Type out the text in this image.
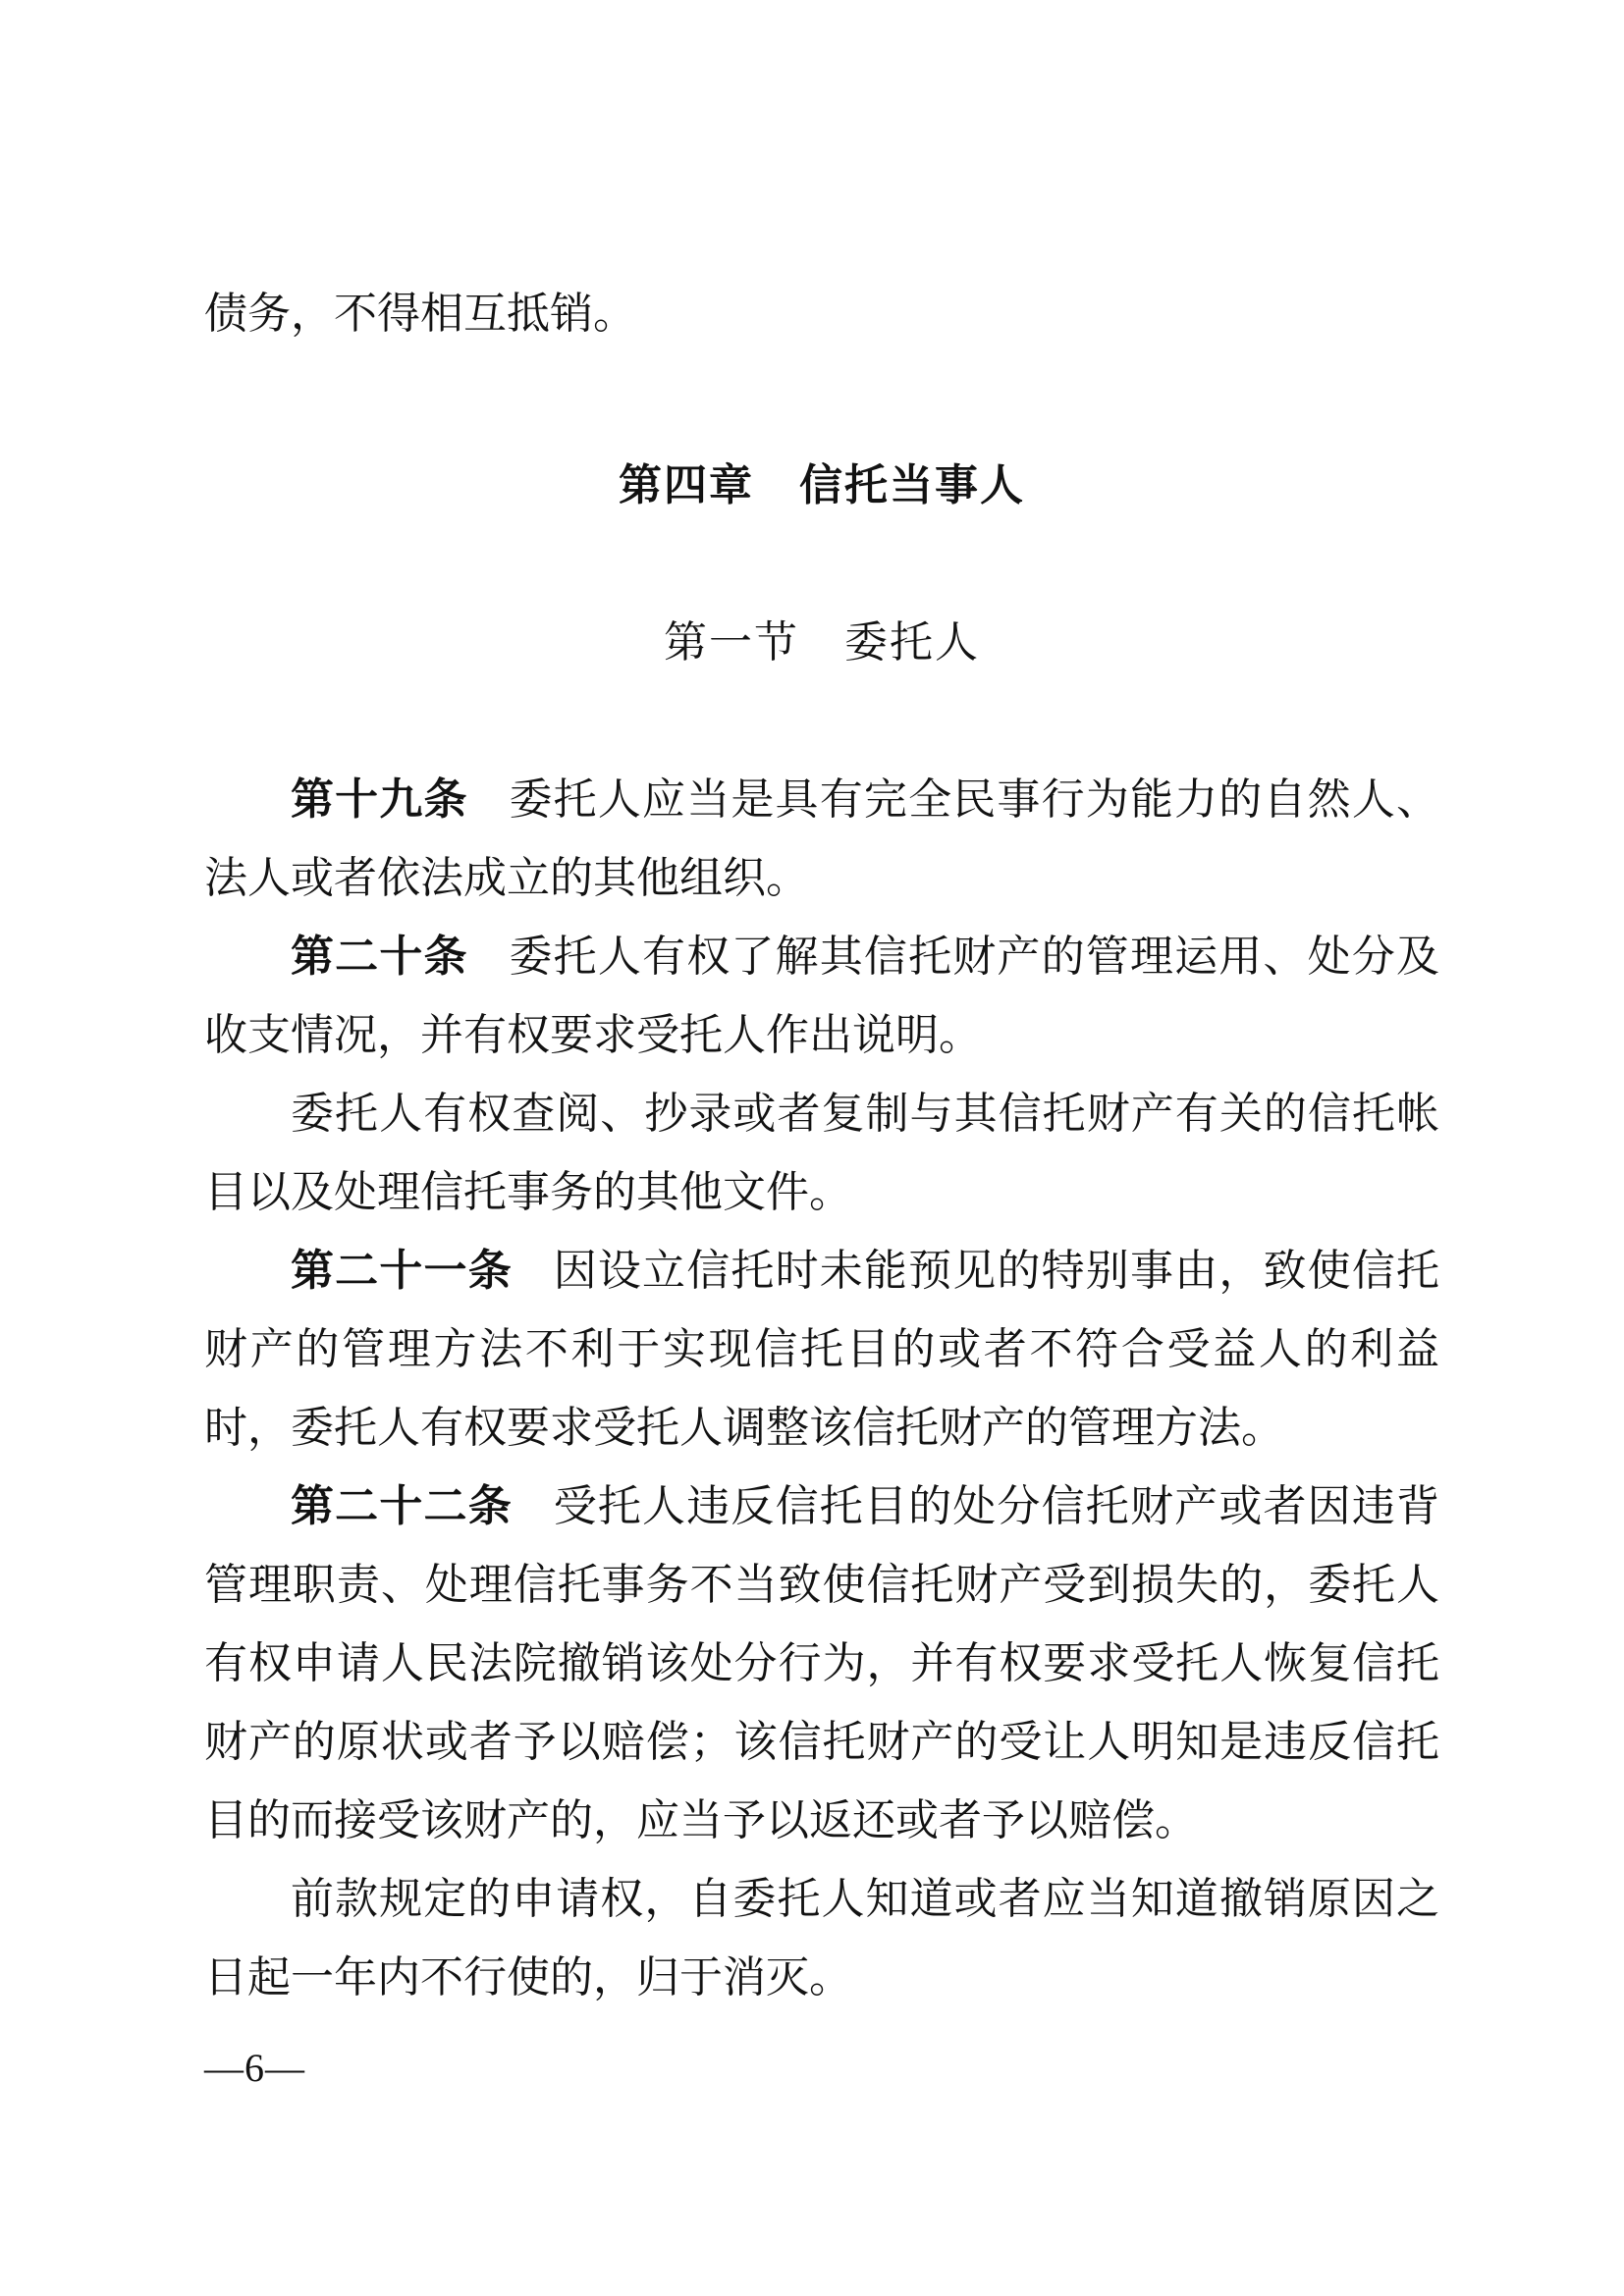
债务，不得相互抵销。

第四章　信托当事人

第一节　委托人

第十九条 委托人应当是具有完全民事行为能力的自然人、法人或者依法成立的其他组织。

第二十条 委托人有权了解其信托财产的管理运用、处分及收支情况，并有权要求受托人作出说明。

委托人有权查阅、抄录或者复制与其信托财产有关的信托帐目以及处理信托事务的其他文件。

第二十一条 因设立信托时未能预见的特别事由，致使信托财产的管理方法不利于实现信托目的或者不符合受益人的利益时，委托人有权要求受托人调整该信托财产的管理方法。

第二十二条 受托人违反信托目的处分信托财产或者因违背管理职责、处理信托事务不当致使信托财产受到损失的，委托人有权申请人民法院撤销该处分行为，并有权要求受托人恢复信托财产的原状或者予以赔偿；该信托财产的受让人明知是违反信托目的而接受该财产的，应当予以返还或者予以赔偿。

前款规定的申请权，自委托人知道或者应当知道撤销原因之日起一年内不行使的，归于消灭。

—6—
